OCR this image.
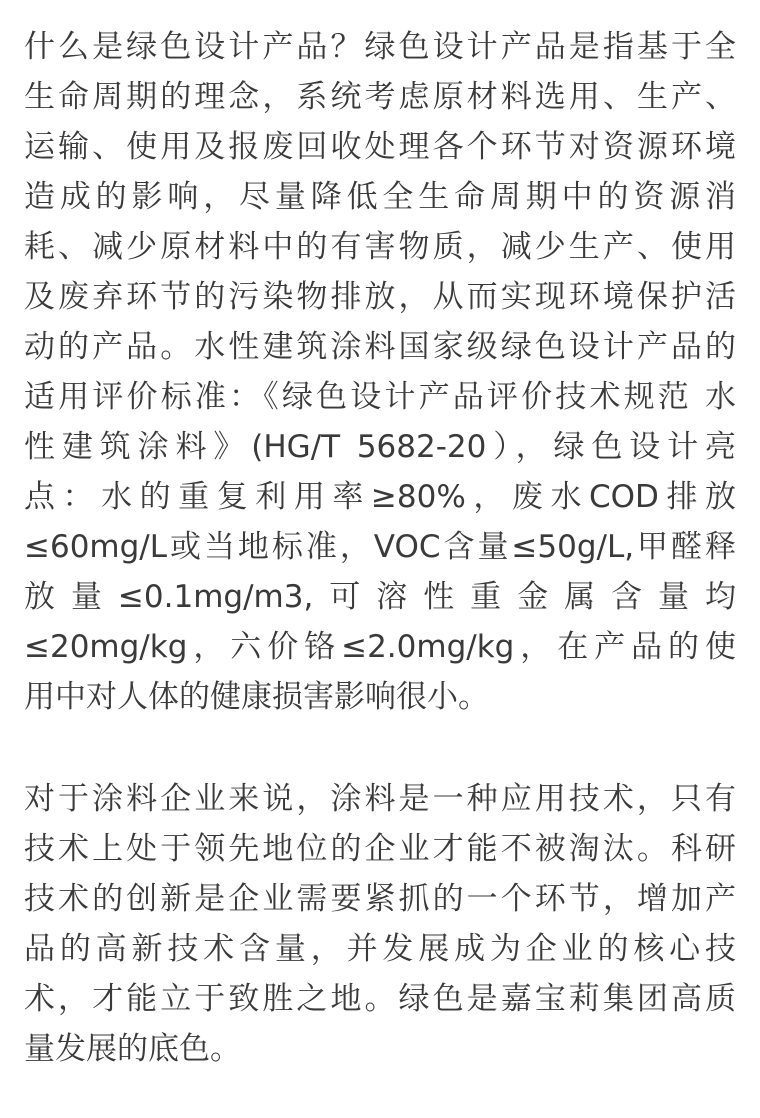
什么是绿色设计产品？绿色设计产品是指基于全
生命周期的理念，系统考虑原材料选用、生产、
运输、使用及报废回收处理各个环节对资源环境
造成的影响，尽量降低全生命周期中的资源消
耗、减少原材料中的有害物质，减少生产、使用
及废弃环节的污染物排放，从而实现环境保护活
动的产品。水性建筑涂料国家级绿色设计产品的
适用评价标准：《绿色设计产品评价技术规范 水
性建筑涂料》(HG/T 5682-20），绿色设计亮
点：水的重复利用率≥80%，废水COD排放
≤60mg/L或当地标准，VOC含量≤50g/L,甲醛释
放量≤0.1mg/m3,可溶性重金属含量均
≤20mg/kg，六价铬≤2.0mg/kg，在产品的使
用中对人体的健康损害影响很小。
对于涂料企业来说，涂料是一种应用技术，只有
技术上处于领先地位的企业才能不被淘汰。科研
技术的创新是企业需要紧抓的一个环节，增加产
品的高新技术含量，并发展成为企业的核心技
术，才能立于致胜之地。绿色是嘉宝莉集团高质
量发展的底色。
